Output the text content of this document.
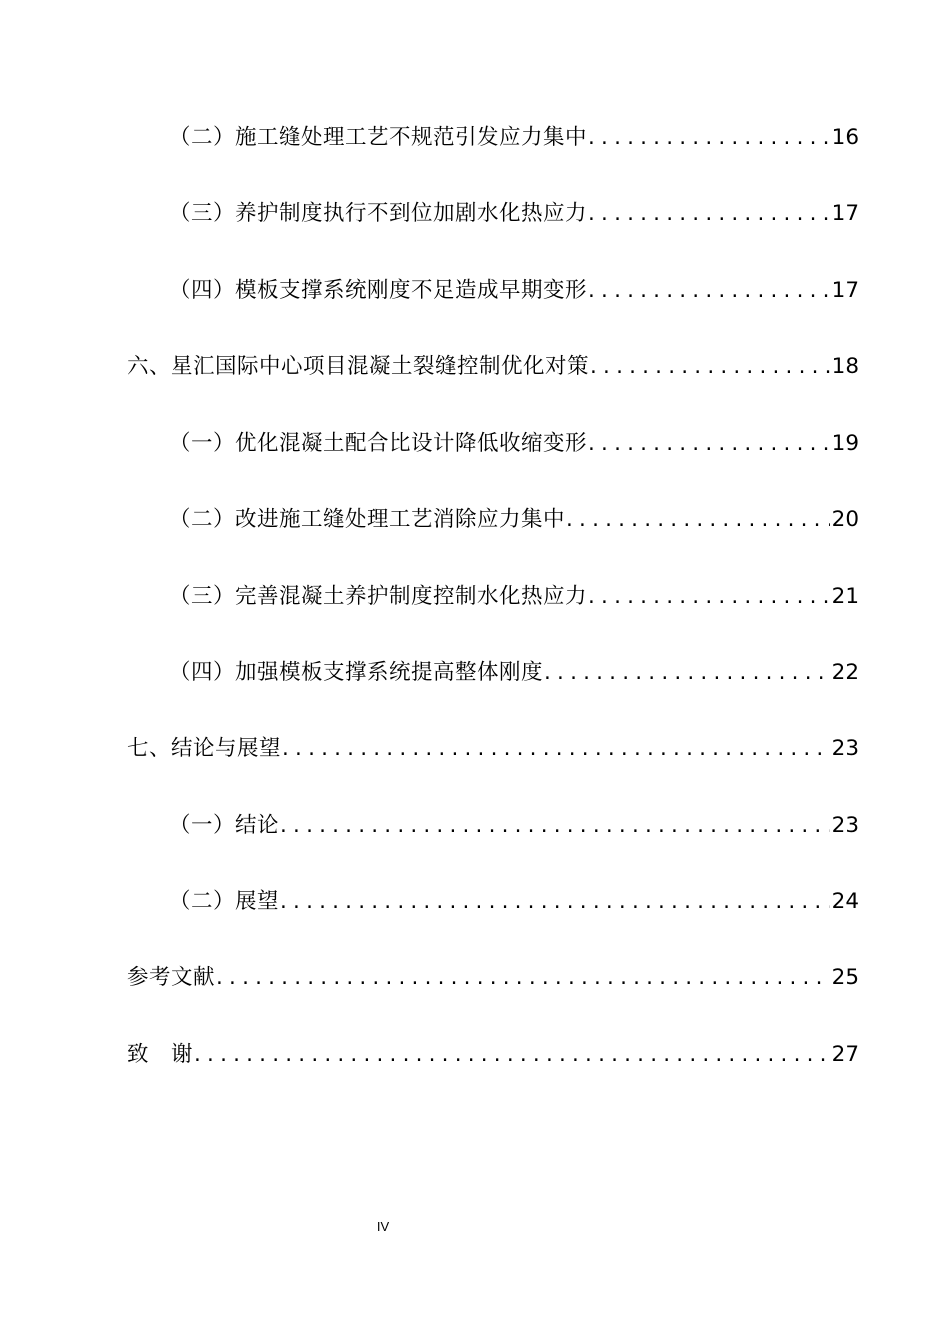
（二）施工缝处理工艺不规范引发应力集中 .....	16
（三）养护制度执行不到位加剧水化热应力 .....	17
（四）模板支撑系统刚度不足造成早期变形 .....	17
六、星汇国际中心项目混凝土裂缝控制优化对策 .....	18
（一）优化混凝土配合比设计降低收缩变形 .....	19
（二）改进施工缝处理工艺消除应力集中 .....	20
（三）完善混凝土养护制度控制水化热应力 .....	21
（四）加强模板支撑系统提高整体刚度 .....	22
七、结论与展望 .....	23
（一）结论 .....	23
（二）展望 .....	24
参考文献 .....	25
致　谢 .....	27
IV
